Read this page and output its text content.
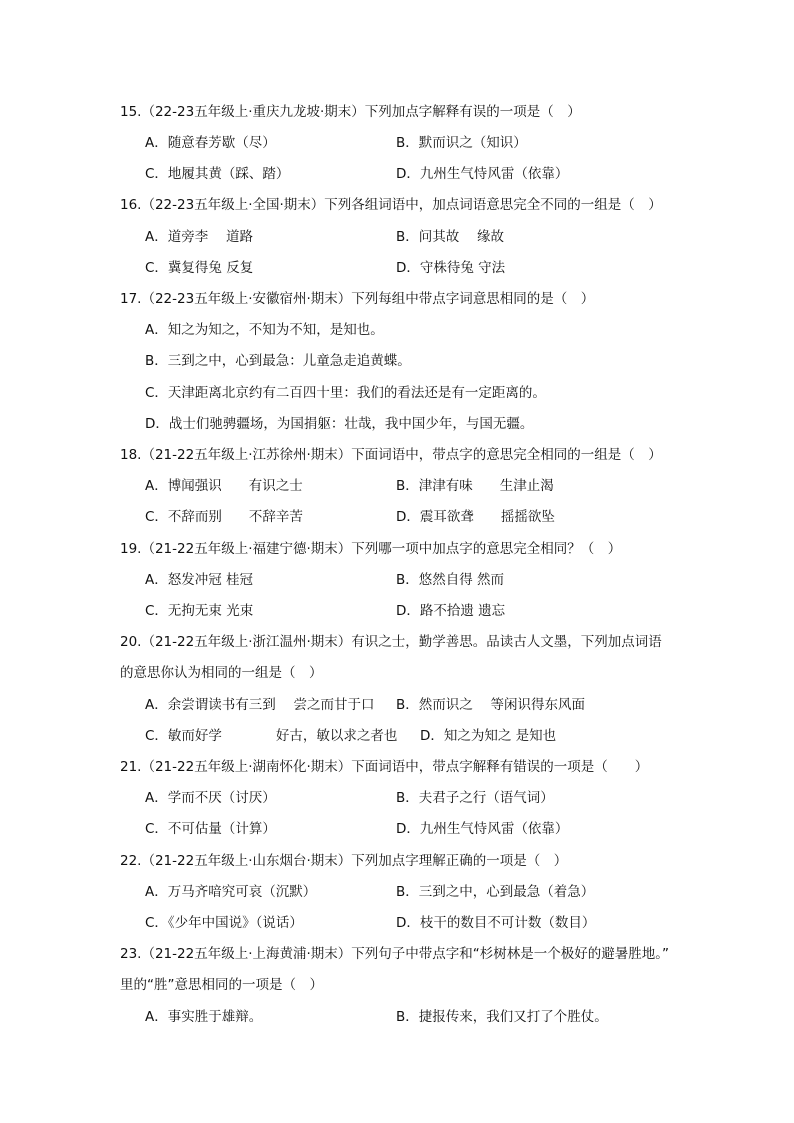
15.（22-23五年级上·重庆九龙坡·期末）下列加点字解释有误的一项是（　）
A．随意春芳歇（尽）	B．默而识之（知识）
C．地履其黄（踩、踏）	D．九州生气恃风雷（依靠）
16.（22-23五年级上·全国·期末）下列各组词语中，加点词语意思完全不同的一组是（　）
A．道旁李　 道路	B．问其故　 缘故
C．冀复得兔 反复	D．守株待兔 守法
17.（22-23五年级上·安徽宿州·期末）下列每组中带点字词意思相同的是（　）
A．知之为知之，不知为不知，是知也。
B．三到之中，心到最急：儿童急走追黄蝶。
C．天津距离北京约有二百四十里：我们的看法还是有一定距离的。
D．战士们驰骋疆场，为国捐躯：壮哉，我中国少年，与国无疆。
18.（21-22五年级上·江苏徐州·期末）下面词语中，带点字的意思完全相同的一组是（　）
A．博闻强识　　有识之士	B．津津有味　　生津止渴
C．不辞而别　　不辞辛苦	D．震耳欲聋　　摇摇欲坠
19.（21-22五年级上·福建宁德·期末）下列哪一项中加点字的意思完全相同？（　）
A．怒发冲冠 桂冠	B．悠然自得 然而
C．无拘无束 光束	D．路不拾遗 遗忘
20.（21-22五年级上·浙江温州·期末）有识之士，勤学善思。品读古人文墨，下列加点词语
的意思你认为相同的一组是（　）
A．余尝谓读书有三到　 尝之而甘于口 B．然而识之　 等闲识得东风面
C．敏而好学　　　　好古，敏以求之者也 D．知之为知之 是知也
21.（21-22五年级上·湖南怀化·期末）下面词语中，带点字解释有错误的一项是（　　）
A．学而不厌（讨厌）	B．夫君子之行（语气词）
C．不可估量（计算）	D．九州生气恃风雷（依靠）
22.（21-22五年级上·山东烟台·期末）下列加点字理解正确的一项是（　）
A．万马齐喑究可哀（沉默）	B．三到之中，心到最急（着急）
C．《少年中国说》（说话）	D．枝干的数目不可计数（数目）
23.（21-22五年级上·上海黄浦·期末）下列句子中带点字和“杉树林是一个极好的避暑胜地。”
里的“胜”意思相同的一项是（　）
A．事实胜于雄辩。	B．捷报传来，我们又打了个胜仗。
